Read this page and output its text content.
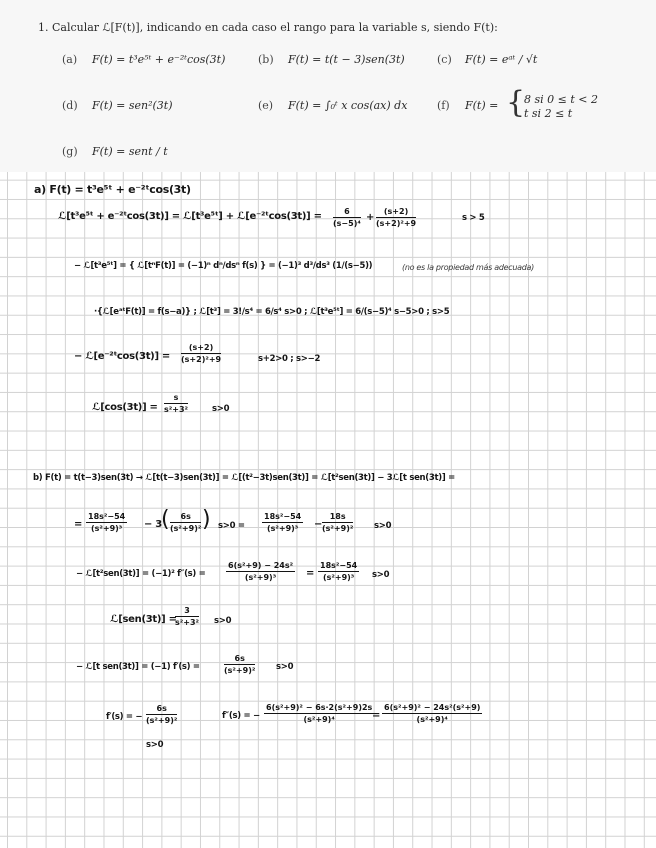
1. Calcular ℒ[F(t)], indicando en cada caso el rango para la variable s, siendo F(t):
(a) F(t) = t³e⁵ᵗ + e⁻²ᵗcos(3t)	(b) F(t) = t(t − 3)sen(3t)	(c) F(t) = eᵃᵗ / √t
(d) F(t) = sen²(3t)	(e) F(t) = ∫₀ᵗ x cos(ax) dx	(f) F(t) = {
8 si 0 ≤ t < 2
t si 2 ≤ t
(g) F(t) = sent / t
a) F(t) = t³e⁵ᵗ + e⁻²ᵗcos(3t)
ℒ[t³e⁵ᵗ + e⁻²ᵗcos(3t)] = ℒ[t³e⁵ᵗ] + ℒ[e⁻²ᵗcos(3t)] = $\frac{6}{\text{(s−5)⁴}} + \frac{(s+2)}{\text{(s+2)²+9}}$	s > 5
− ℒ[t³e⁵ᵗ] = { ℒ[tⁿF(t)] = (−1)ⁿ dⁿ/dsⁿ f(s) } = (−1)³ d³/ds³ (1/(s−5))	(no es la propiedad más adecuada)
·{ℒ[eᵃᵗF(t)] = f(s−a)} ; ℒ[t³] = 3!/s⁴ = 6/s⁴ s>0 ; ℒ[t³e⁵ᵗ] = 6/(s−5)⁴ s−5>0 ; s>5
− ℒ[e⁻²ᵗcos(3t)] = $\frac{(s+2)}{\text{(s+2)²+9}}$	s+2>0 ; s>−2
ℒ[cos(3t)] = $\frac{s}{\text{s²+3²}}$	s>0
b) F(t) = t(t−3)sen(3t) → ℒ[t(t−3)sen(3t)] = ℒ[(t²−3t)sen(3t)] = ℒ[t²sen(3t)] − 3ℒ[t sen(3t)] =
= $\frac{\text{18s²−54}}{\text{(s²+9)³}} - 3$ ( $\frac{6s}{\text{(s²+9)²}}$ ) $s>0 = \frac{\text{18s²−54}}{\text{(s²+9)³}} - \frac{18s}{\text{(s²+9)²}} s>0$
− ℒ[t²sen(3t)] = (−1)² f″(s) =	$\frac{\text{6(s²+9) − 24s²}}{\text{(s²+9)³}} = \frac{\text{18s²−54}}{\text{(s²+9)³}} s>0$
ℒ[sen(3t)] =
$\frac{3}{\text{s²+3²}} s>0$
− ℒ[t sen(3t)] = (−1) f′(s) =	$\frac{6s}{\text{(s²+9)²}} s>0$
f′(s) = − $\frac{6s}{\text{(s²+9)²}}$
s>0
f″(s) = − $\frac{\text{6(s²+9)² − 6s·2(s²+9)2s}}{\text{(s²+9)⁴}}$
= $\frac{\text{6(s²+9)² − 24s²(s²+9)}}{\text{(s²+9)⁴}}$
